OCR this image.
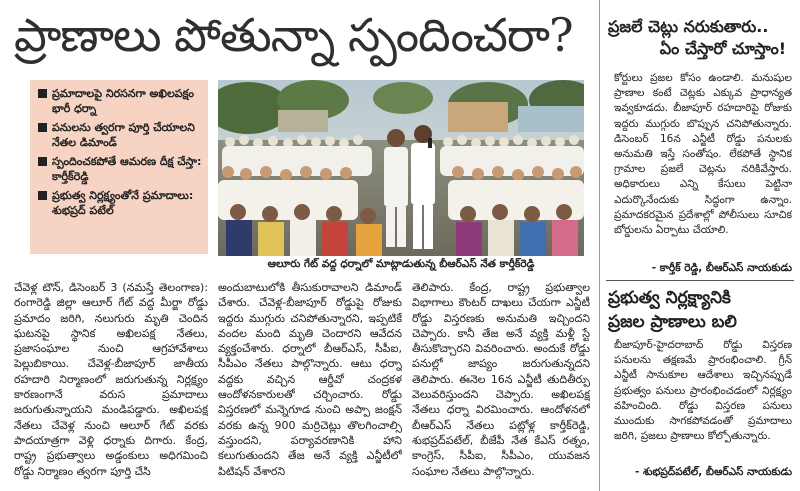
ప్రాణాలు పోతున్నా స్పందించరా?
ప్రమాదాలపై నిరసనగా అఖిలపక్షం భారీ ధర్నా
పనులను త్వరగా పూర్తి చేయాలని నేతల డిమాండ్
స్పందించకపోతే ఆమరణ దీక్ష చేస్తా: కార్తీక్‌రెడ్డి
ప్రభుత్వ నిర్లక్ష్యంతోనే ప్రమాదాలు: శుభప్రద్ పటేల్
ఆలూరు గేట్ వద్ద ధర్నాలో మాట్లాడుతున్న బీఆర్ఎస్ నేత కార్తీక్‌రెడ్డి
చేవెళ్ల టౌన్, డిసెంబర్ 3 (నమస్తే తెలంగాణ): రంగారెడ్డి జిల్లా ఆలూర్ గేట్ వద్ద మీర్జా రోడ్డు ప్రమాదం జరిగి, నలుగురు మృతి చెందిన ఘటనపై స్థానిక అఖిలపక్ష నేతలు, ప్రజాసంఘాల నుంచి ఆగ్రహావేశాలు పెల్లుబికాయి. చేవెళ్ల-బీజాపూర్ జాతీయ రహదారి నిర్మాణంలో జరుగుతున్న నిర్లక్ష్యం కారణంగానే వరుస ప్రమాదాలు జరుగుతున్నాయని మండిపడ్డారు. అఖిలపక్ష నేతలు చేవెళ్ల నుంచి ఆలూర్ గేట్ వరకు పాదయాత్రగా వెళ్లి ధర్నాకు దిగారు. కేంద్ర, రాష్ట్ర ప్రభుత్వాలు అడ్డంకులు అధిగమించి రోడ్డు నిర్మాణం త్వరగా పూర్తి చేసి
అందుబాటులోకి తీసుకురావాలని డిమాండ్ చేశారు. చేవెళ్ల-బీజాపూర్ రోడ్డుపై రోజుకు ఇద్దరు ముగ్గురు చనిపోతున్నారని, ఇప్పటికే వందల మంది మృతి చెందారని ఆవేదన వ్యక్తంచేశారు. ధర్నాలో బీఆర్ఎస్, సీపీఐ, సీపీఎం నేతలు పాల్గొన్నారు. ఆటు ధర్నా వద్దకు వచ్చిన ఆర్డీవో చంద్రకళ ఆందోళనకారులతో చర్చించారు. రోడ్డు విస్తరణలో మన్నెగూడ నుంచి అప్పా జంక్షన్ వరకు ఉన్న 900 మర్రిచెట్లు తొలగించాల్సి వస్తుందని, పర్యావరణానికి హాని కలుగుతుందని తేజ అనే వ్యక్తి ఎన్జీటీలో పిటిషన్ వేశారని
తెలిపారు. కేంద్ర, రాష్ట్ర ప్రభుత్వాల విభాగాలు కౌంటర్ దాఖలు చేయగా ఎన్జీటీ రోడ్డు విస్తరణకు అనుమతి ఇచ్చిందని చెప్పారు. కానీ తేజ అనే వ్యక్తి మళ్లీ స్టే తీసుకొచ్చారని వివరించారు. అందుకే రోడ్డు పనుల్లో జాప్యం జరుగుతున్నదని తెలిపారు. ఈనెల 16న ఎన్జీటీ తుదితీర్పు వెలువరిస్తుందని చెప్పారు. అఖిలపక్ష నేతలు ధర్నా విరమించారు. ఆందోళనలో బీఆర్ఎస్ నేతలు పట్లోళ్ల కార్తీక్‌రెడ్డి, శుభప్రద్‌పటేల్, బీజేపీ నేత కేఎస్ రత్నం, కాంగ్రెస్, సీపీఐ, సీపీఎం, యువజన సంఘాల నేతలు పాల్గొన్నారు.
ప్రజలే చెట్లు నరుకుతారు..
ఏం చేస్తారో చూస్తాం!
కోర్టులు ప్రజల కోసం ఉండాలి. మనుషుల ప్రాణాల కంటే చెట్లకు ఎక్కువ ప్రాధాన్యత ఇవ్వకూడదు. బీజాపూర్ రహదారిపై రోజుకు ఇద్దరు ముగ్గురు బొప్పున చనిపోతున్నారు. డిసెంబర్ 16న ఎన్జీటీ రోడ్డు పనులకు అనుమతి ఇస్తే సంతోషం. లేకపోతే స్థానిక గ్రామాల ప్రజలే చెట్లను నరికివేస్తారు. అధికారులు ఎన్ని కేసులు పెట్టినా ఎదుర్కొనేందుకు సిద్ధంగా ఉన్నాం. ప్రమాదకరమైన ప్రదేశాల్లో పోలీసులు సూచిక బోర్డులను ఏర్పాటు చేయాలి.
- కార్తీక్ రెడ్డి, బీఆర్ఎస్ నాయకుడు
ప్రభుత్వ నిర్లక్ష్యానికి
ప్రజల ప్రాణాలు బలి
బీజాపూర్-హైదరాబాద్ రోడ్డు విస్తరణ పనులను తక్షణమే ప్రారంభించాలి. గ్రీన్ ఎన్జీటీ సానుకూల ఆదేశాలు ఇచ్చినప్పుడే ప్రభుత్వం పనులు ప్రారంభించడంలో నిర్లక్ష్యం వహించింది. రోడ్డు విస్తరణ పనులు ముందుకు సాగకపోవడంతో ప్రమాదాలు జరిగి, ప్రజలు ప్రాణాలు కోల్పోతున్నారు.
- శుభప్రద్‌పటేల్, బీఆర్ఎస్ నాయకుడు
